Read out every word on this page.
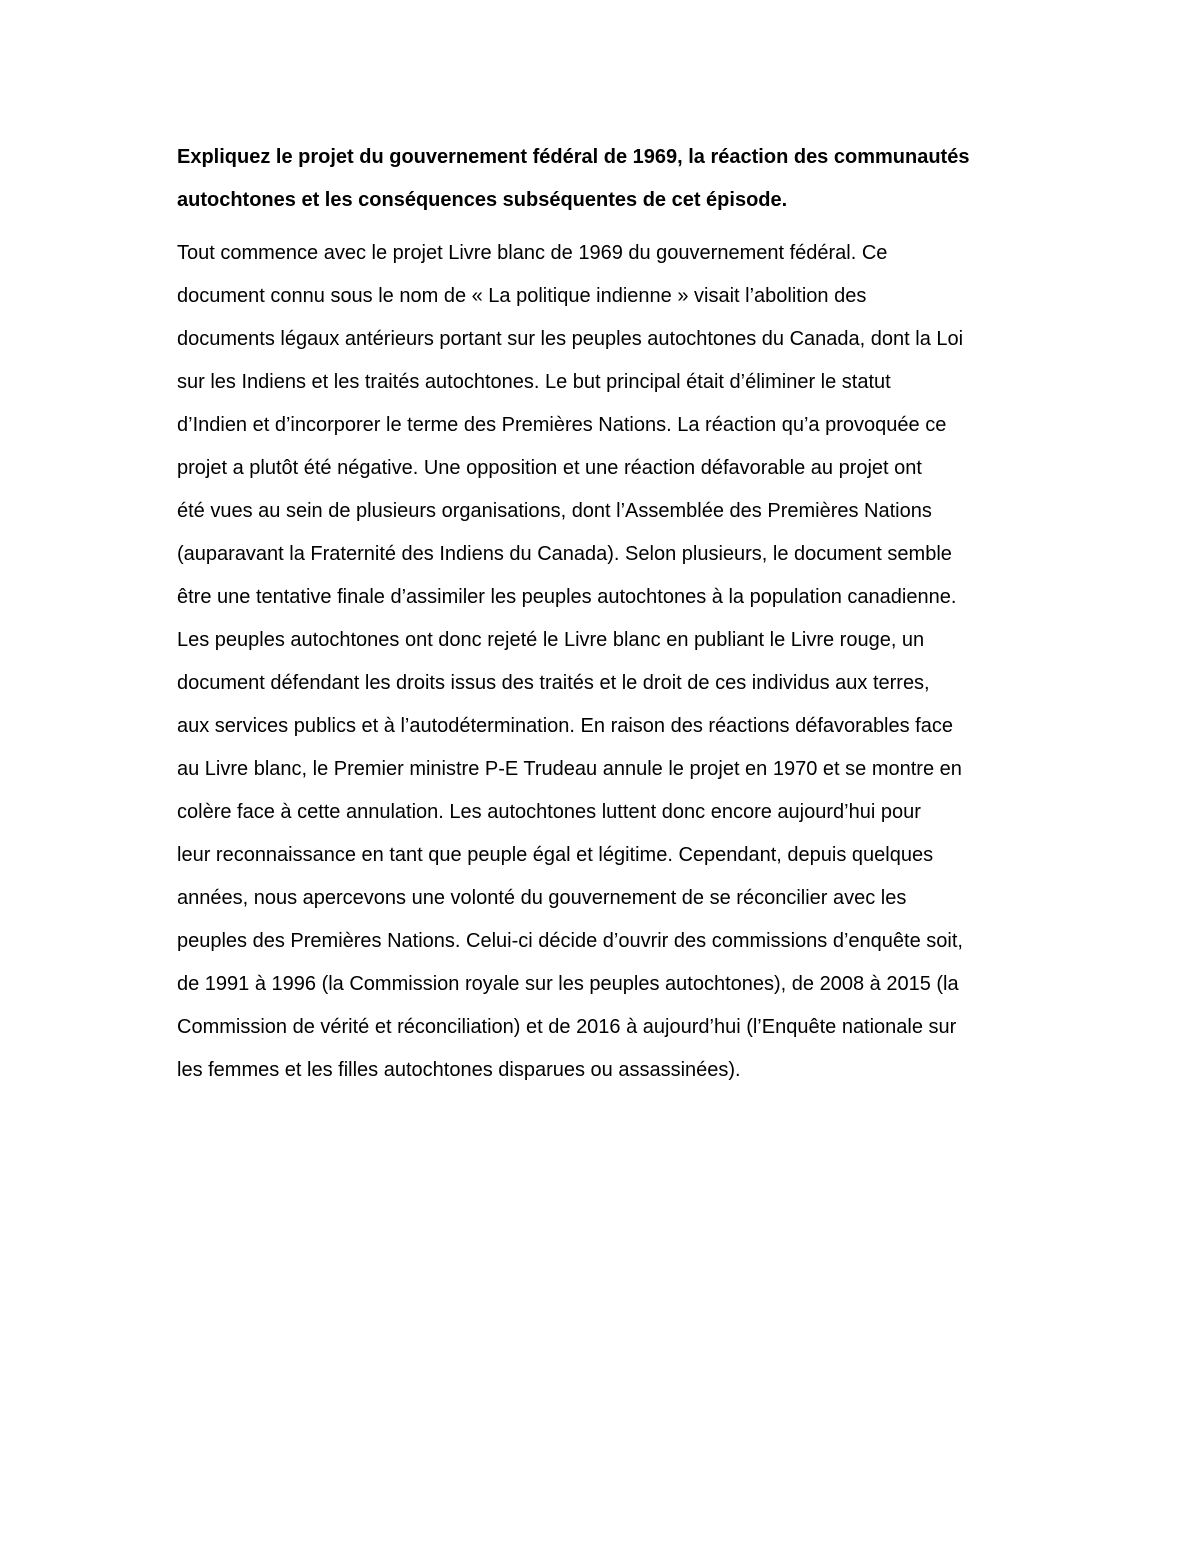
Expliquez le projet du gouvernement fédéral de 1969, la réaction des communautés
autochtones et les conséquences subséquentes de cet épisode.
Tout commence avec le projet Livre blanc de 1969 du gouvernement fédéral. Ce
document connu sous le nom de « La politique indienne » visait l’abolition des
documents légaux antérieurs portant sur les peuples autochtones du Canada, dont la Loi
sur les Indiens et les traités autochtones. Le but principal était d’éliminer le statut
d’Indien et d’incorporer le terme des Premières Nations. La réaction qu’a provoquée ce
projet a plutôt été négative. Une opposition et une réaction défavorable au projet ont
été vues au sein de plusieurs organisations, dont l’Assemblée des Premières Nations
(auparavant la Fraternité des Indiens du Canada). Selon plusieurs, le document semble
être une tentative finale d’assimiler les peuples autochtones à la population canadienne.
Les peuples autochtones ont donc rejeté le Livre blanc en publiant le Livre rouge, un
document défendant les droits issus des traités et le droit de ces individus aux terres,
aux services publics et à l’autodétermination. En raison des réactions défavorables face
au Livre blanc, le Premier ministre P-E Trudeau annule le projet en 1970 et se montre en
colère face à cette annulation. Les autochtones luttent donc encore aujourd’hui pour
leur reconnaissance en tant que peuple égal et légitime. Cependant, depuis quelques
années, nous apercevons une volonté du gouvernement de se réconcilier avec les
peuples des Premières Nations. Celui-ci décide d’ouvrir des commissions d’enquête soit,
de 1991 à 1996 (la Commission royale sur les peuples autochtones), de 2008 à 2015 (la
Commission de vérité et réconciliation) et de 2016 à aujourd’hui (l’Enquête nationale sur
les femmes et les filles autochtones disparues ou assassinées).
